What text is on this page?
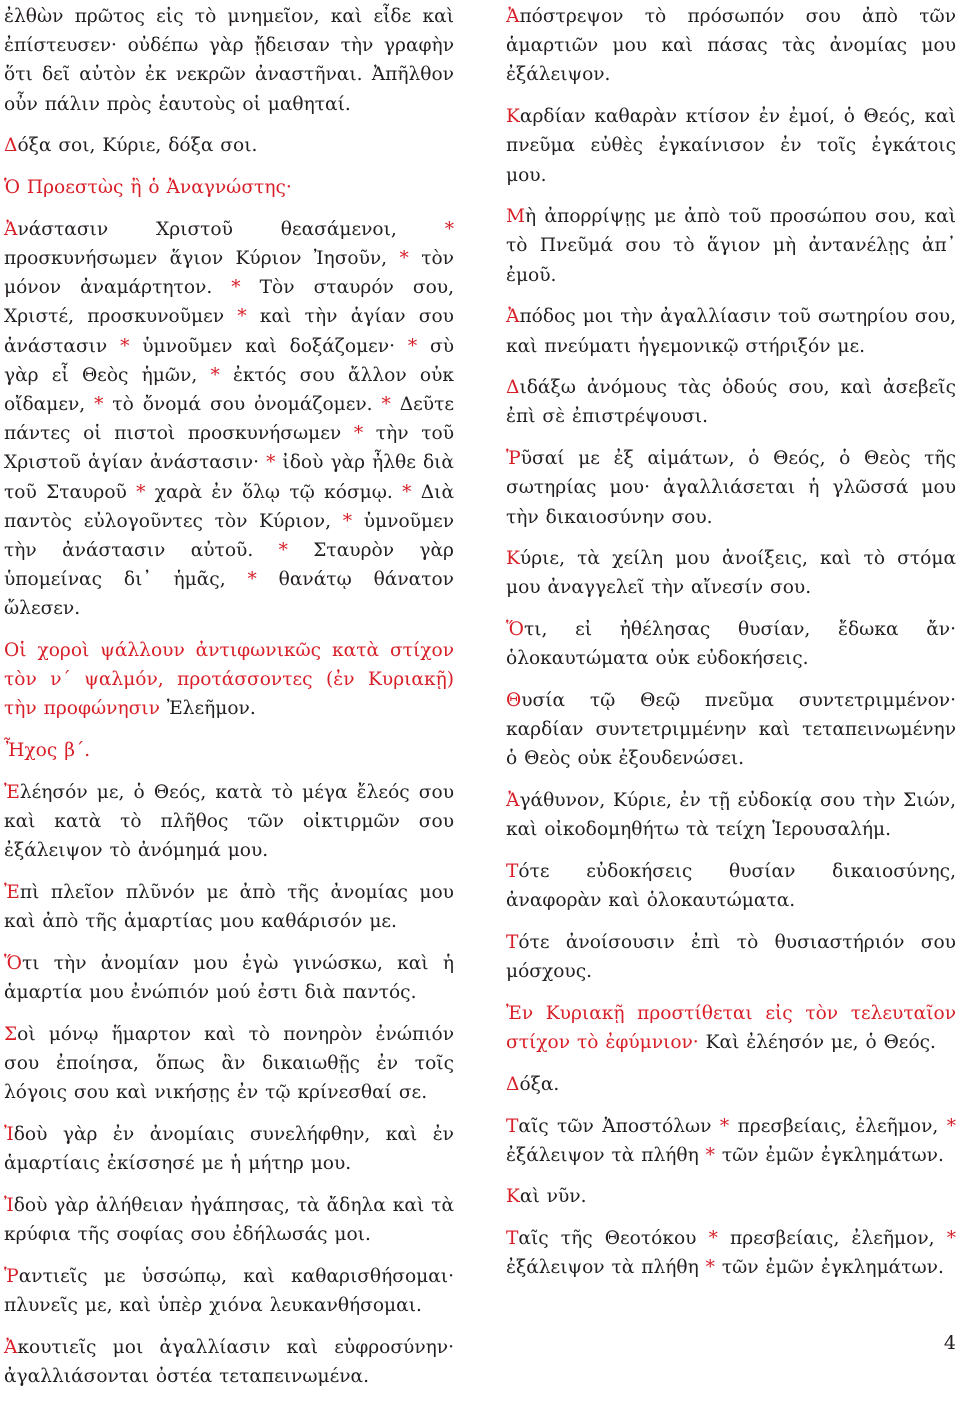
ἐλθὼν πρῶτος εἰς τὸ μνημεῖον, καὶ εἶδε καὶ ἐπίστευσεν· οὐδέπω γὰρ ᾔδεισαν τὴν γραφὴν ὅτι δεῖ αὐτὸν ἐκ νεκρῶν ἀναστῆναι. Ἀπῆλθον οὖν πάλιν πρὸς ἑαυτοὺς οἱ μαθηταί.

Δόξα σοι, Κύριε, δόξα σοι.

Ὁ Προεστὼς ἢ ὁ Ἀναγνώστης·

Ἀνάστασιν Χριστοῦ θεασάμενοι, * προσκυνήσωμεν ἅγιον Κύριον Ἰησοῦν, * τὸν μόνον ἀναμάρτητον. * Τὸν σταυρόν σου, Χριστέ, προσκυνοῦμεν * καὶ τὴν ἁγίαν σου ἀνάστασιν * ὑμνοῦμεν καὶ δοξάζομεν· * σὺ γὰρ εἶ Θεὸς ἡμῶν, * ἐκτός σου ἄλλον οὐκ οἴδαμεν, * τὸ ὄνομά σου ὀνομάζομεν. * Δεῦτε πάντες οἱ πιστοὶ προσκυνήσωμεν * τὴν τοῦ Χριστοῦ ἁγίαν ἀνάστασιν· * ἰδοὺ γὰρ ἦλθε διὰ τοῦ Σταυροῦ * χαρὰ ἐν ὅλῳ τῷ κόσμῳ. * Διὰ παντὸς εὐλογοῦντες τὸν Κύριον, * ὑμνοῦμεν τὴν ἀνάστασιν αὐτοῦ. * Σταυρὸν γὰρ ὑπομείνας δι᾽ ἡμᾶς, * θανάτῳ θάνατον ὤλεσεν.

Οἱ χοροὶ ψάλλουν ἀντιφωνικῶς κατὰ στίχον τὸν ν´ ψαλμόν, προτάσσοντες (ἐν Κυριακῇ) τὴν προφώνησιν Ἐλεῆμον.

Ἦχος β´.

Ἐλέησόν με, ὁ Θεός, κατὰ τὸ μέγα ἔλεός σου καὶ κατὰ τὸ πλῆθος τῶν οἰκτιρμῶν σου ἐξάλειψον τὸ ἀνόμημά μου.

Ἐπὶ πλεῖον πλῦνόν με ἀπὸ τῆς ἀνομίας μου καὶ ἀπὸ τῆς ἁμαρτίας μου καθάρισόν με.

Ὅτι τὴν ἀνομίαν μου ἐγὼ γινώσκω, καὶ ἡ ἁμαρτία μου ἐνώπιόν μού ἐστι διὰ παντός.

Σοὶ μόνῳ ἥμαρτον καὶ τὸ πονηρὸν ἐνώπιόν σου ἐποίησα, ὅπως ἂν δικαιωθῇς ἐν τοῖς λόγοις σου καὶ νικήσῃς ἐν τῷ κρίνεσθαί σε.

Ἰδοὺ γὰρ ἐν ἀνομίαις συνελήφθην, καὶ ἐν ἁμαρτίαις ἐκίσσησέ με ἡ μήτηρ μου.

Ἰδοὺ γὰρ ἀλήθειαν ἠγάπησας, τὰ ἄδηλα καὶ τὰ κρύφια τῆς σοφίας σου ἐδήλωσάς μοι.

Ῥαντιεῖς με ὑσσώπῳ, καὶ καθαρισθήσομαι· πλυνεῖς με, καὶ ὑπὲρ χιόνα λευκανθήσομαι.

Ἀκουτιεῖς μοι ἀγαλλίασιν καὶ εὐφροσύνην· ἀγαλλιάσονται ὀστέα τεταπεινωμένα.

Ἀπόστρεψον τὸ πρόσωπόν σου ἀπὸ τῶν ἁμαρτιῶν μου καὶ πάσας τὰς ἀνομίας μου ἐξάλειψον.

Καρδίαν καθαρὰν κτίσον ἐν ἐμοί, ὁ Θεός, καὶ πνεῦμα εὐθὲς ἐγκαίνισον ἐν τοῖς ἐγκάτοις μου.

Μὴ ἀπορρίψῃς με ἀπὸ τοῦ προσώπου σου, καὶ τὸ Πνεῦμά σου τὸ ἅγιον μὴ ἀντανέλῃς ἀπ᾽ ἐμοῦ.

Ἀπόδος μοι τὴν ἀγαλλίασιν τοῦ σωτηρίου σου, καὶ πνεύματι ἡγεμονικῷ στήριξόν με.

Διδάξω ἀνόμους τὰς ὁδούς σου, καὶ ἀσεβεῖς ἐπὶ σὲ ἐπιστρέψουσι.

Ῥῦσαί με ἐξ αἱμάτων, ὁ Θεός, ὁ Θεὸς τῆς σωτηρίας μου· ἀγαλλιάσεται ἡ γλῶσσά μου τὴν δικαιοσύνην σου.

Κύριε, τὰ χείλη μου ἀνοίξεις, καὶ τὸ στόμα μου ἀναγγελεῖ τὴν αἴνεσίν σου.

Ὅτι, εἰ ἠθέλησας θυσίαν, ἔδωκα ἄν· ὁλοκαυτώματα οὐκ εὐδοκήσεις.

Θυσία τῷ Θεῷ πνεῦμα συντετριμμένον· καρδίαν συντετριμμένην καὶ τεταπεινωμένην ὁ Θεὸς οὐκ ἐξουδενώσει.

Ἀγάθυνον, Κύριε, ἐν τῇ εὐδοκίᾳ σου τὴν Σιών, καὶ οἰκοδομηθήτω τὰ τείχη Ἱερουσαλήμ.

Τότε εὐδοκήσεις θυσίαν δικαιοσύνης, ἀναφορὰν καὶ ὁλοκαυτώματα.

Τότε ἀνοίσουσιν ἐπὶ τὸ θυσιαστήριόν σου μόσχους.

Ἐν Κυριακῇ προστίθεται εἰς τὸν τελευταῖον στίχον τὸ ἐφύμνιον· Καὶ ἐλέησόν με, ὁ Θεός.

Δόξα.

Ταῖς τῶν Ἀποστόλων * πρεσβείαις, ἐλεῆμον, * ἐξάλειψον τὰ πλήθη * τῶν ἐμῶν ἐγκλημάτων.

Καὶ νῦν.

Ταῖς τῆς Θεοτόκου * πρεσβείαις, ἐλεῆμον, * ἐξάλειψον τὰ πλήθη * τῶν ἐμῶν ἐγκλημάτων.

4
